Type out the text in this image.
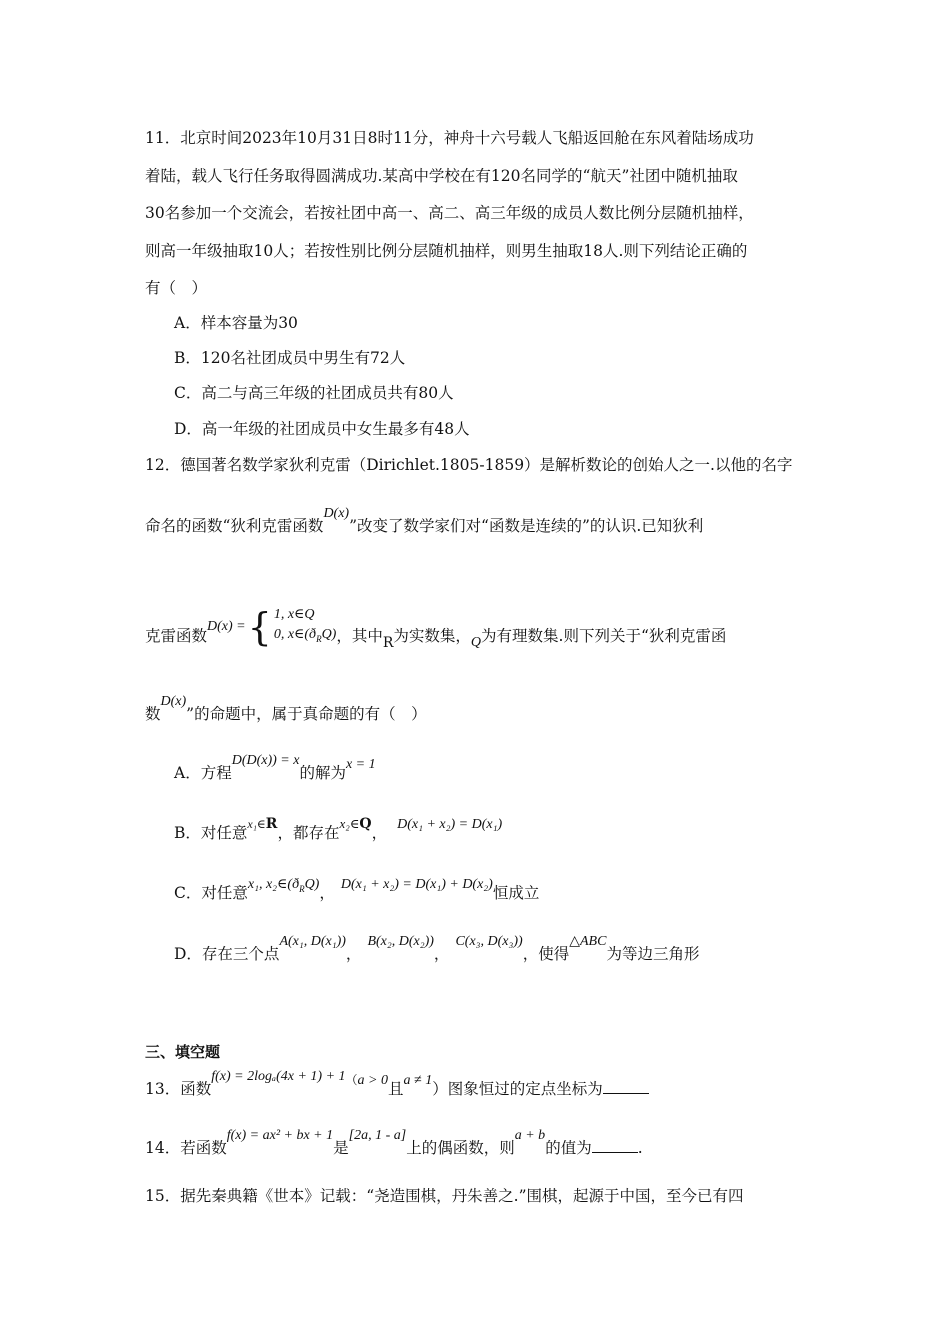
11．北京时间2023年10月31日8时11分，神舟十六号载人飞船返回舱在东风着陆场成功
着陆，载人飞行任务取得圆满成功.某高中学校在有120名同学的“航天”社团中随机抽取
30名参加一个交流会，若按社团中高一、高二、高三年级的成员人数比例分层随机抽样，
则高一年级抽取10人；若按性别比例分层随机抽样，则男生抽取18人.则下列结论正确的
有（　）
A．样本容量为30
B．120名社团成员中男生有72人
C．高二与高三年级的社团成员共有80人
D．高一年级的社团成员中女生最多有48人
12．德国著名数学家狄利克雷（Dirichlet.1805-1859）是解析数论的创始人之一.以他的名字
命名的函数“狄利克雷函数D(x)”改变了数学家们对“函数是连续的”的认识.已知狄利
克雷函数D(x) ={ 1, x∈Q
0, $x\in(ð_RQ)$，其中R为实数集，Q为有理数集.则下列关于“狄利克雷函
数D(x)”的命题中，属于真命题的有（　）
A．方程D(D(x)) = x的解为x = 1
B．对任意$^{x_1\in}$R，都存在$^{x_2\in}$Q， D(x₁ + x₂) = D(x₁)
C．对任意x₁, $x_2\in(ð_RQ)$， D(x₁ + x₂) = D(x₁) + D(x₂)恒成立
D．存在三个点A(x₁, D(x₁))，B(x₂, D(x₂))，C(x₃, D(x₃))，使得△ABC为等边三角形
三、填空题
13．函数f(x) = 2logₐ(4x + 1) + 1（a > 0且a ≠ 1）图象恒过的定点坐标为
14．若函数f(x) = ax² + bx + 1是[2a, 1 - a]上的偶函数，则a + b的值为	.
15．据先秦典籍《世本》记载：“尧造围棋，丹朱善之.”围棋，起源于中国，至今已有四
